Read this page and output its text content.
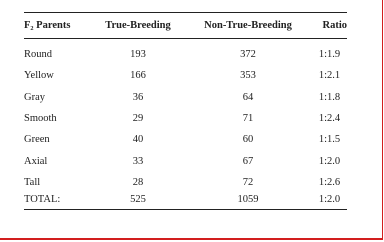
F₂ Parents	True-Breeding	Non-True-Breeding	Ratio
Round	193	372	1:1.9
Yellow	166	353	1:2.1
Gray	36	64	1:1.8
Smooth	29	71	1:2.4
Green	40	60	1:1.5
Axial	33	67	1:2.0
Tall	28	72	1:2.6
TOTAL:	525	1059	1:2.0
